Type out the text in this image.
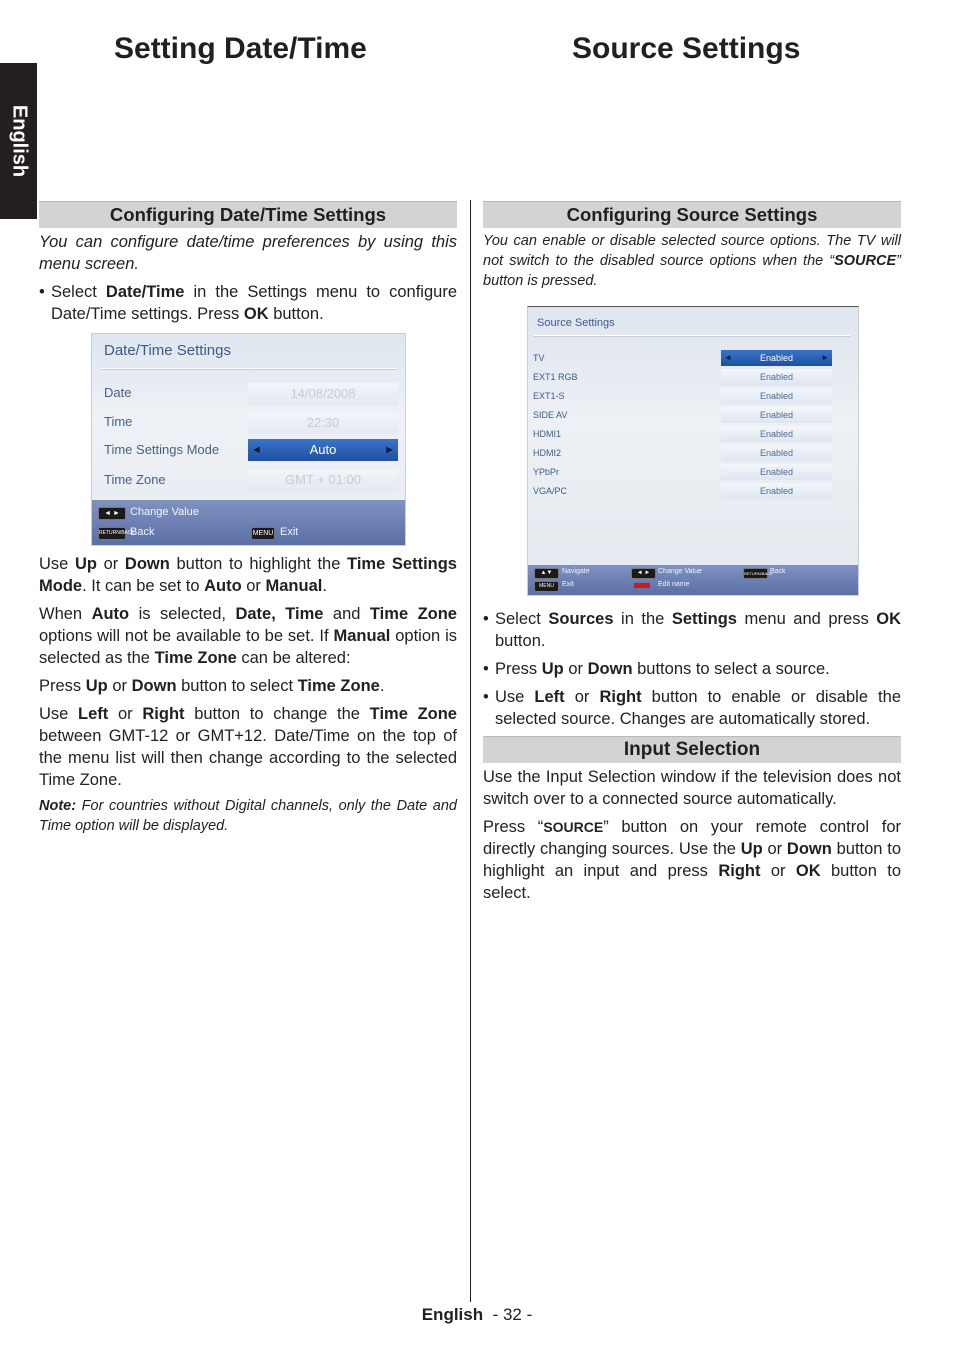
Setting Date/Time	Source Settings
English
Configuring Date/Time Settings
You can configure date/time preferences by using this menu screen.
• Select Date/Time in the Settings menu to configure Date/Time settings. Press OK button.
Date/Time Settings
Date	14/08/2008
Time	22:30
Time Settings Mode	◄	Auto	►
Time Zone	GMT + 01:00
◄ ► Change Value
RETURN/BACK
Back	MENU Exit
Use Up or Down button to highlight the Time Settings Mode. It can be set to Auto or Manual.
When Auto is selected, Date, Time and Time Zone options will not be available to be set. If Manual option is selected as the Time Zone can be altered:
Press Up or Down button to select Time Zone.
Use Left or Right button to change the Time Zone between GMT-12 or GMT+12. Date/Time on the top of the menu list will then change according to the selected Time Zone.
Note: For countries without Digital channels, only the Date and Time option will be displayed.
Configuring Source Settings
You can enable or disable selected source options. The TV will not switch to the disabled source options when the “SOURCE” button is pressed.
Source Settings
TV	◄	Enabled	►
EXT1 RGB	Enabled
EXT1-S	Enabled
SIDE AV	Enabled
HDMI1	Enabled
HDMI2	Enabled
YPbPr	Enabled
VGA/PC	Enabled
▲▼	Navigate	◄ ►	Change Value	RETURN/BACK
Back
MENU	Exit	Edit name
• Select Sources in the Settings menu and press OK button.
• Press Up or Down buttons to select a source.
• Use Left or Right button to enable or disable the selected source. Changes are automatically stored.
Input Selection
Use the Input Selection window if the television does not switch over to a connected source automatically.
Press “SOURCE” button on your remote control for directly changing sources. Use the Up or Down button to highlight an input and press Right or OK button to select.
English  - 32 -
